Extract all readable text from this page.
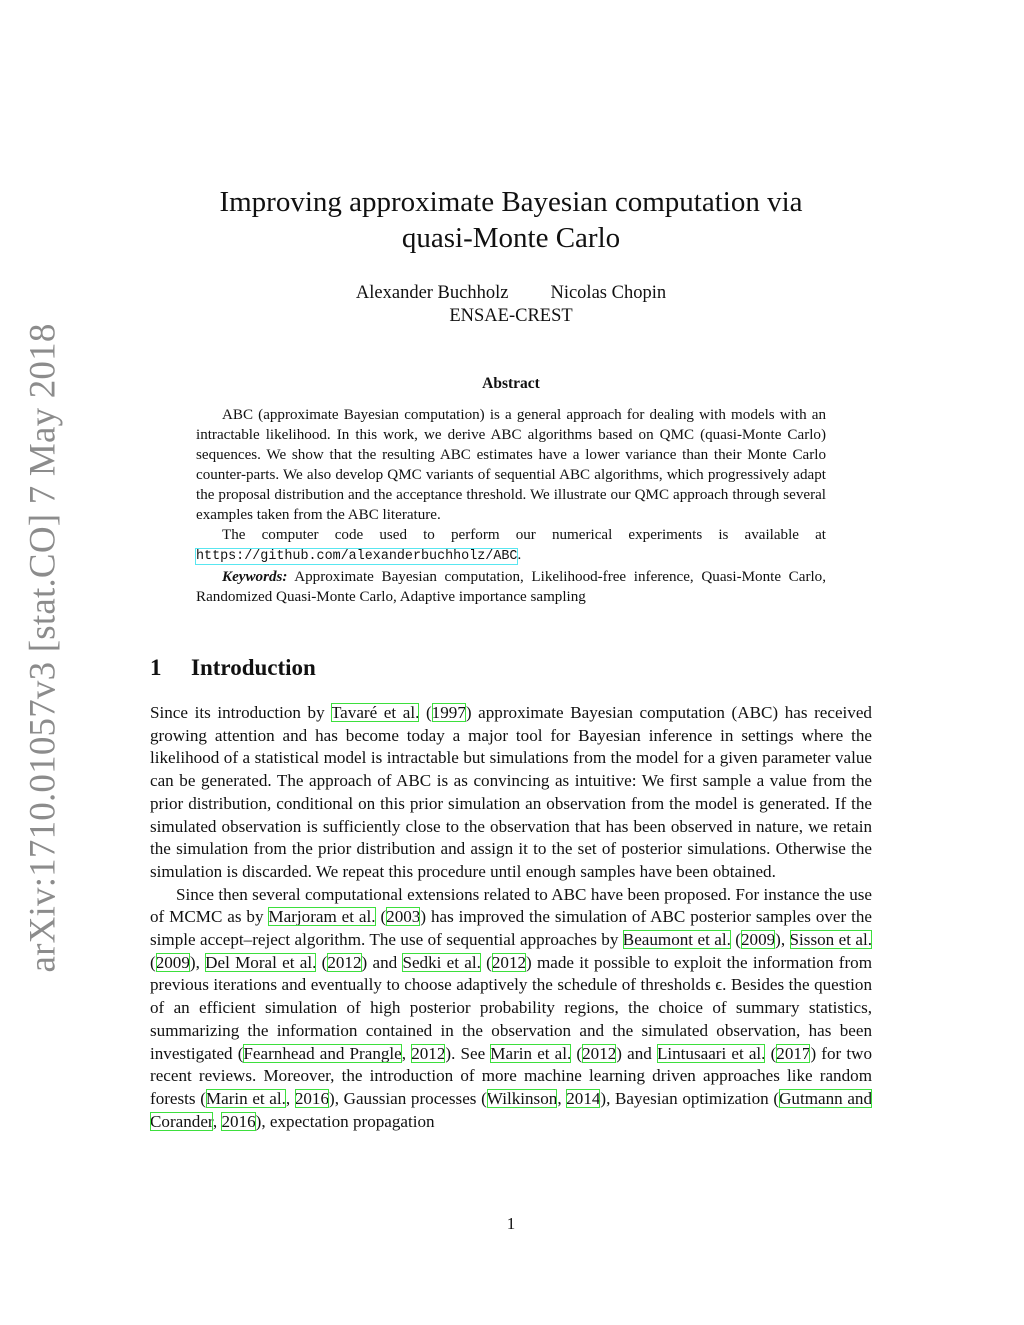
arXiv:1710.01057v3 [stat.CO] 7 May 2018
Improving approximate Bayesian computation via
quasi-Monte Carlo
Alexander Buchholz Nicolas Chopin
ENSAE-CREST
Abstract

ABC (approximate Bayesian computation) is a general approach for dealing with models with an intractable likelihood. In this work, we derive ABC algorithms based on QMC (quasi-Monte Carlo) sequences. We show that the resulting ABC estimates have a lower variance than their Monte Carlo counter-parts. We also develop QMC variants of sequential ABC algorithms, which progressively adapt the proposal distribution and the acceptance threshold. We illustrate our QMC approach through several examples taken from the ABC literature.

The computer code used to perform our numerical experiments is available at https://github.com/alexanderbuchholz/ABC.

Keywords: Approximate Bayesian computation, Likelihood-free inference, Quasi-Monte Carlo, Randomized Quasi-Monte Carlo, Adaptive importance sampling

1 Introduction

Since its introduction by Tavaré et al. (1997) approximate Bayesian computation (ABC) has received growing attention and has become today a major tool for Bayesian inference in settings where the likelihood of a statistical model is intractable but simulations from the model for a given parameter value can be generated. The approach of ABC is as convincing as intuitive: We first sample a value from the prior distribution, conditional on this prior simulation an observation from the model is generated. If the simulated observation is sufficiently close to the observation that has been observed in nature, we retain the simulation from the prior distribution and assign it to the set of posterior simulations. Otherwise the simulation is discarded. We repeat this procedure until enough samples have been obtained.

Since then several computational extensions related to ABC have been proposed. For instance the use of MCMC as by Marjoram et al. (2003) has improved the simulation of ABC posterior samples over the simple accept–reject algorithm. The use of sequential approaches by Beaumont et al. (2009), Sisson et al. (2009), Del Moral et al. (2012) and Sedki et al. (2012) made it possible to exploit the information from previous iterations and eventually to choose adaptively the schedule of thresholds ϵ. Besides the question of an efficient simulation of high posterior probability regions, the choice of summary statistics, summarizing the information contained in the observation and the simulated observation, has been investigated (Fearnhead and Prangle, 2012). See Marin et al. (2012) and Lintusaari et al. (2017) for two recent reviews. Moreover, the introduction of more machine learning driven approaches like random forests (Marin et al., 2016), Gaussian processes (Wilkinson, 2014), Bayesian optimization (Gutmann and Corander, 2016), expectation propagation

1
